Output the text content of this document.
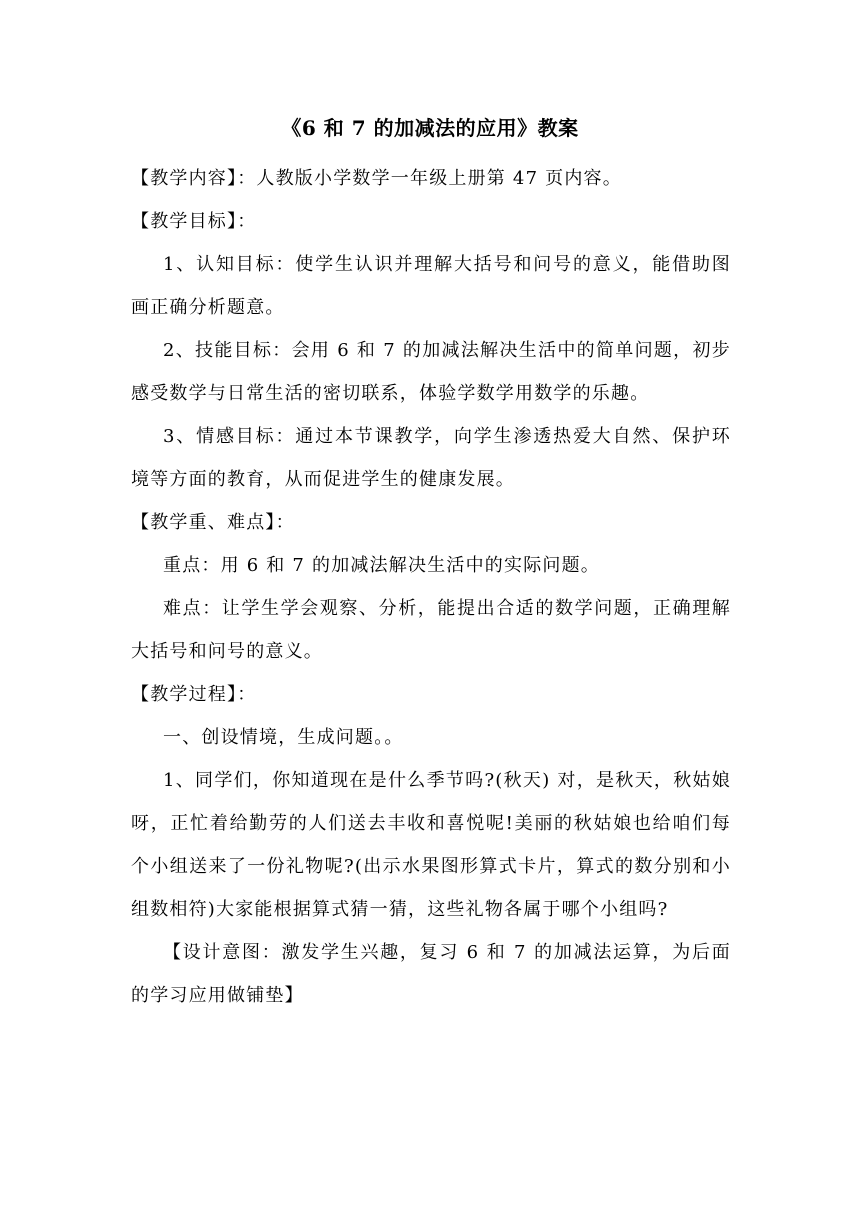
《6 和 7 的加减法的应用》教案

【教学内容】：人教版小学数学一年级上册第 47 页内容。

【教学目标】：

1、认知目标：使学生认识并理解大括号和问号的意义，能借助图画正确分析题意。

2、技能目标：会用 6 和 7 的加减法解决生活中的简单问题，初步感受数学与日常生活的密切联系，体验学数学用数学的乐趣。

3、情感目标：通过本节课教学，向学生渗透热爱大自然、保护环境等方面的教育，从而促进学生的健康发展。

【教学重、难点】：

重点：用 6 和 7 的加减法解决生活中的实际问题。

难点：让学生学会观察、分析，能提出合适的数学问题，正确理解大括号和问号的意义。

【教学过程】：

一、创设情境，生成问题。。

1、同学们，你知道现在是什么季节吗?(秋天) 对，是秋天，秋姑娘呀，正忙着给勤劳的人们送去丰收和喜悦呢!美丽的秋姑娘也给咱们每个小组送来了一份礼物呢?(出示水果图形算式卡片，算式的数分别和小组数相符)大家能根据算式猜一猜，这些礼物各属于哪个小组吗?

【设计意图：激发学生兴趣，复习 6 和 7 的加减法运算，为后面的学习应用做铺垫】
